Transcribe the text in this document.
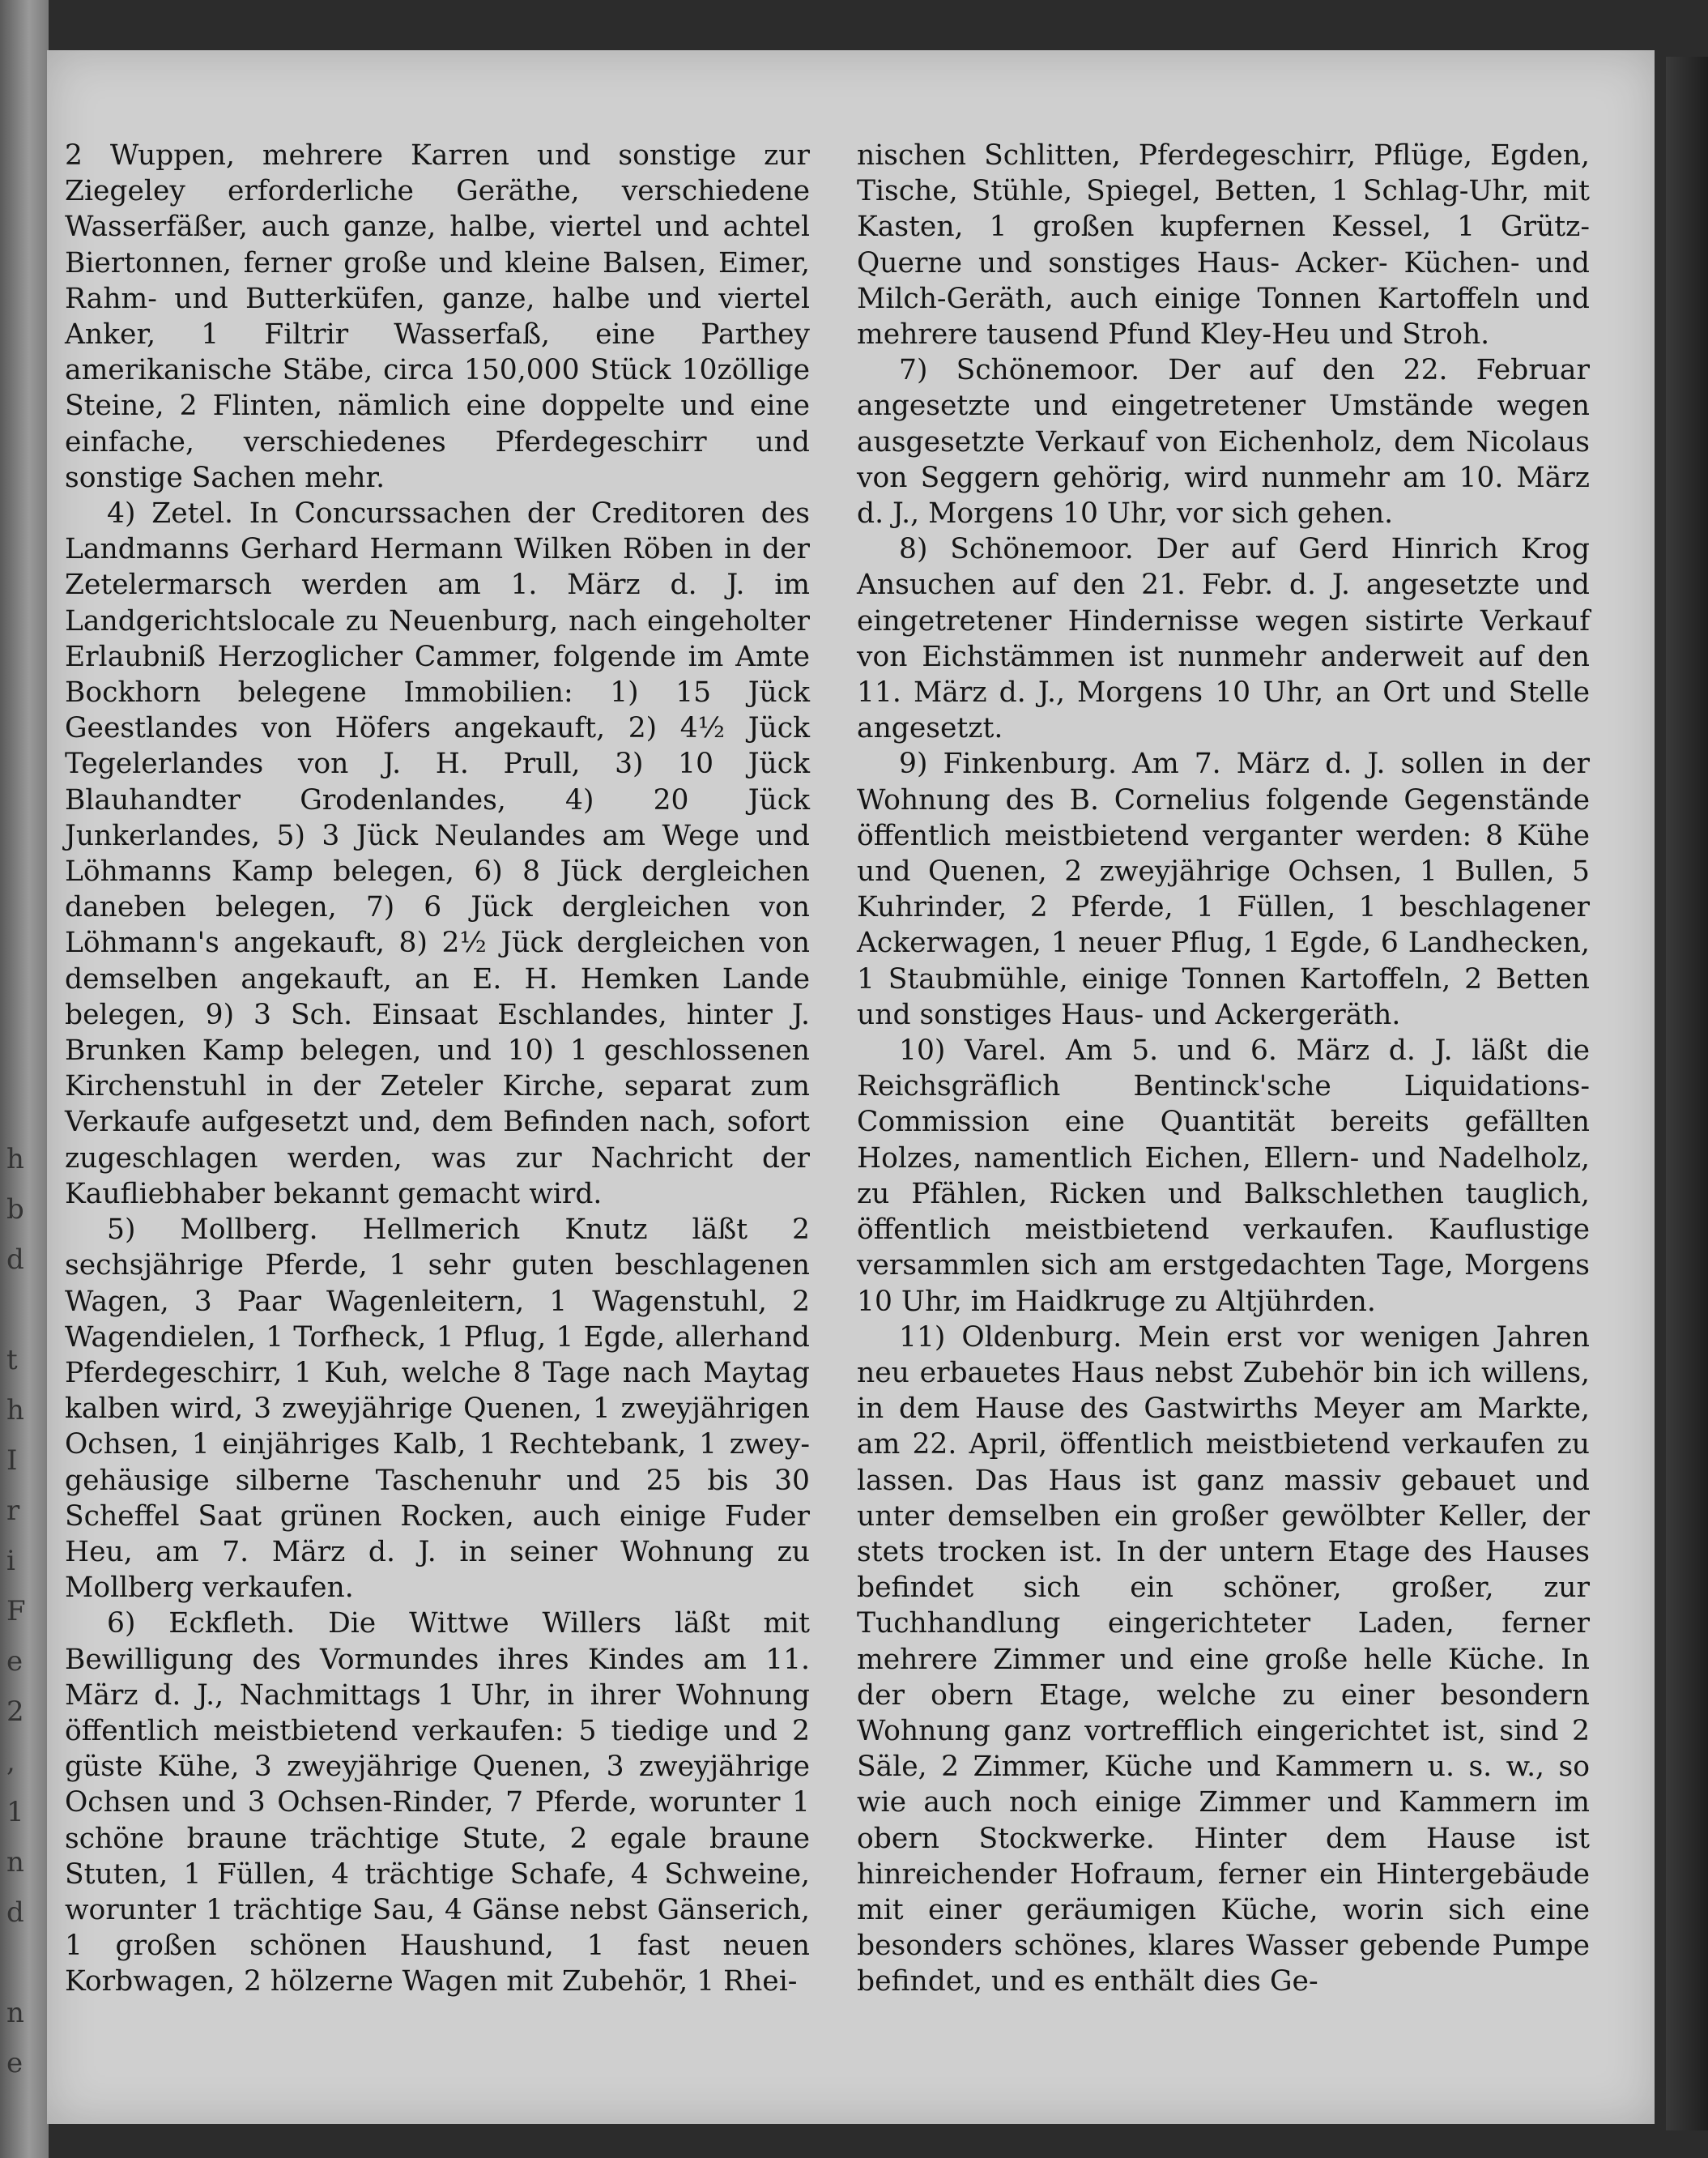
h
b
d

t
h
I
r
i
F
e
2
,
1
n
d

n
e

2 Wuppen, mehrere Karren und sonstige zur Ziegeley erforderliche Geräthe, verschiedene Wasserfäßer, auch ganze, halbe, viertel und achtel Biertonnen, ferner große und kleine Balsen, Eimer, Rahm- und Butterküfen, ganze, halbe und viertel Anker, 1 Filtrir Wasserfaß, eine Parthey amerikanische Stäbe, circa 150,000 Stück 10zöllige Steine, 2 Flinten, nämlich eine doppelte und eine einfache, verschiedenes Pferdegeschirr und sonstige Sachen mehr.

4) Zetel. In Concurssachen der Creditoren des Landmanns Gerhard Hermann Wilken Röben in der Zetelermarsch werden am 1. März d. J. im Landgerichtslocale zu Neuenburg, nach eingeholter Erlaubniß Herzoglicher Cammer, folgende im Amte Bockhorn belegene Immobilien: 1) 15 Jück Geestlandes von Höfers angekauft, 2) 4½ Jück Tegelerlandes von J. H. Prull, 3) 10 Jück Blauhandter Grodenlandes, 4) 20 Jück Junkerlandes, 5) 3 Jück Neulandes am Wege und Löhmanns Kamp belegen, 6) 8 Jück dergleichen daneben belegen, 7) 6 Jück dergleichen von Löhmann's angekauft, 8) 2½ Jück dergleichen von demselben angekauft, an E. H. Hemken Lande belegen, 9) 3 Sch. Einsaat Eschlandes, hinter J. Brunken Kamp belegen, und 10) 1 geschlossenen Kirchenstuhl in der Zeteler Kirche, separat zum Verkaufe aufgesetzt und, dem Befinden nach, sofort zugeschlagen werden, was zur Nachricht der Kaufliebhaber bekannt gemacht wird.

5) Mollberg. Hellmerich Knutz läßt 2 sechsjährige Pferde, 1 sehr guten beschlagenen Wagen, 3 Paar Wagenleitern, 1 Wagenstuhl, 2 Wagendielen, 1 Torfheck, 1 Pflug, 1 Egde, allerhand Pferdegeschirr, 1 Kuh, welche 8 Tage nach Maytag kalben wird, 3 zweyjährige Quenen, 1 zweyjährigen Ochsen, 1 einjähriges Kalb, 1 Rechtebank, 1 zwey-gehäusige silberne Taschenuhr und 25 bis 30 Scheffel Saat grünen Rocken, auch einige Fuder Heu, am 7. März d. J. in seiner Wohnung zu Mollberg verkaufen.

6) Eckfleth. Die Wittwe Willers läßt mit Bewilligung des Vormundes ihres Kindes am 11. März d. J., Nachmittags 1 Uhr, in ihrer Wohnung öffentlich meistbietend verkaufen: 5 tiedige und 2 güste Kühe, 3 zweyjährige Quenen, 3 zweyjährige Ochsen und 3 Ochsen-Rinder, 7 Pferde, worunter 1 schöne braune trächtige Stute, 2 egale braune Stuten, 1 Füllen, 4 trächtige Schafe, 4 Schweine, worunter 1 trächtige Sau, 4 Gänse nebst Gänserich, 1 großen schönen Haushund, 1 fast neuen Korbwagen, 2 hölzerne Wagen mit Zubehör, 1 Rhei-

nischen Schlitten, Pferdegeschirr, Pflüge, Egden, Tische, Stühle, Spiegel, Betten, 1 Schlag-Uhr, mit Kasten, 1 großen kupfernen Kessel, 1 Grütz-Querne und sonstiges Haus- Acker- Küchen- und Milch-Geräth, auch einige Tonnen Kartoffeln und mehrere tausend Pfund Kley-Heu und Stroh.

7) Schönemoor. Der auf den 22. Februar angesetzte und eingetretener Umstände wegen ausgesetzte Verkauf von Eichenholz, dem Nicolaus von Seggern gehörig, wird nunmehr am 10. März d. J., Morgens 10 Uhr, vor sich gehen.

8) Schönemoor. Der auf Gerd Hinrich Krog Ansuchen auf den 21. Febr. d. J. angesetzte und eingetretener Hindernisse wegen sistirte Verkauf von Eichstämmen ist nunmehr anderweit auf den 11. März d. J., Morgens 10 Uhr, an Ort und Stelle angesetzt.

9) Finkenburg. Am 7. März d. J. sollen in der Wohnung des B. Cornelius folgende Gegenstände öffentlich meistbietend verganter werden: 8 Kühe und Quenen, 2 zweyjährige Ochsen, 1 Bullen, 5 Kuhrinder, 2 Pferde, 1 Füllen, 1 beschlagener Ackerwagen, 1 neuer Pflug, 1 Egde, 6 Landhecken, 1 Staubmühle, einige Tonnen Kartoffeln, 2 Betten und sonstiges Haus- und Ackergeräth.

10) Varel. Am 5. und 6. März d. J. läßt die Reichsgräflich Bentinck'sche Liquidations-Commission eine Quantität bereits gefällten Holzes, namentlich Eichen, Ellern- und Nadelholz, zu Pfählen, Ricken und Balkschlethen tauglich, öffentlich meistbietend verkaufen. Kauflustige versammlen sich am erstgedachten Tage, Morgens 10 Uhr, im Haidkruge zu Altjührden.

11) Oldenburg. Mein erst vor wenigen Jahren neu erbauetes Haus nebst Zubehör bin ich willens, in dem Hause des Gastwirths Meyer am Markte, am 22. April, öffentlich meistbietend verkaufen zu lassen. Das Haus ist ganz massiv gebauet und unter demselben ein großer gewölbter Keller, der stets trocken ist. In der untern Etage des Hauses befindet sich ein schöner, großer, zur Tuchhandlung eingerichteter Laden, ferner mehrere Zimmer und eine große helle Küche. In der obern Etage, welche zu einer besondern Wohnung ganz vortrefflich eingerichtet ist, sind 2 Säle, 2 Zimmer, Küche und Kammern u. s. w., so wie auch noch einige Zimmer und Kammern im obern Stockwerke. Hinter dem Hause ist hinreichender Hofraum, ferner ein Hintergebäude mit einer geräumigen Küche, worin sich eine besonders schönes, klares Wasser gebende Pumpe befindet, und es enthält dies Ge-
